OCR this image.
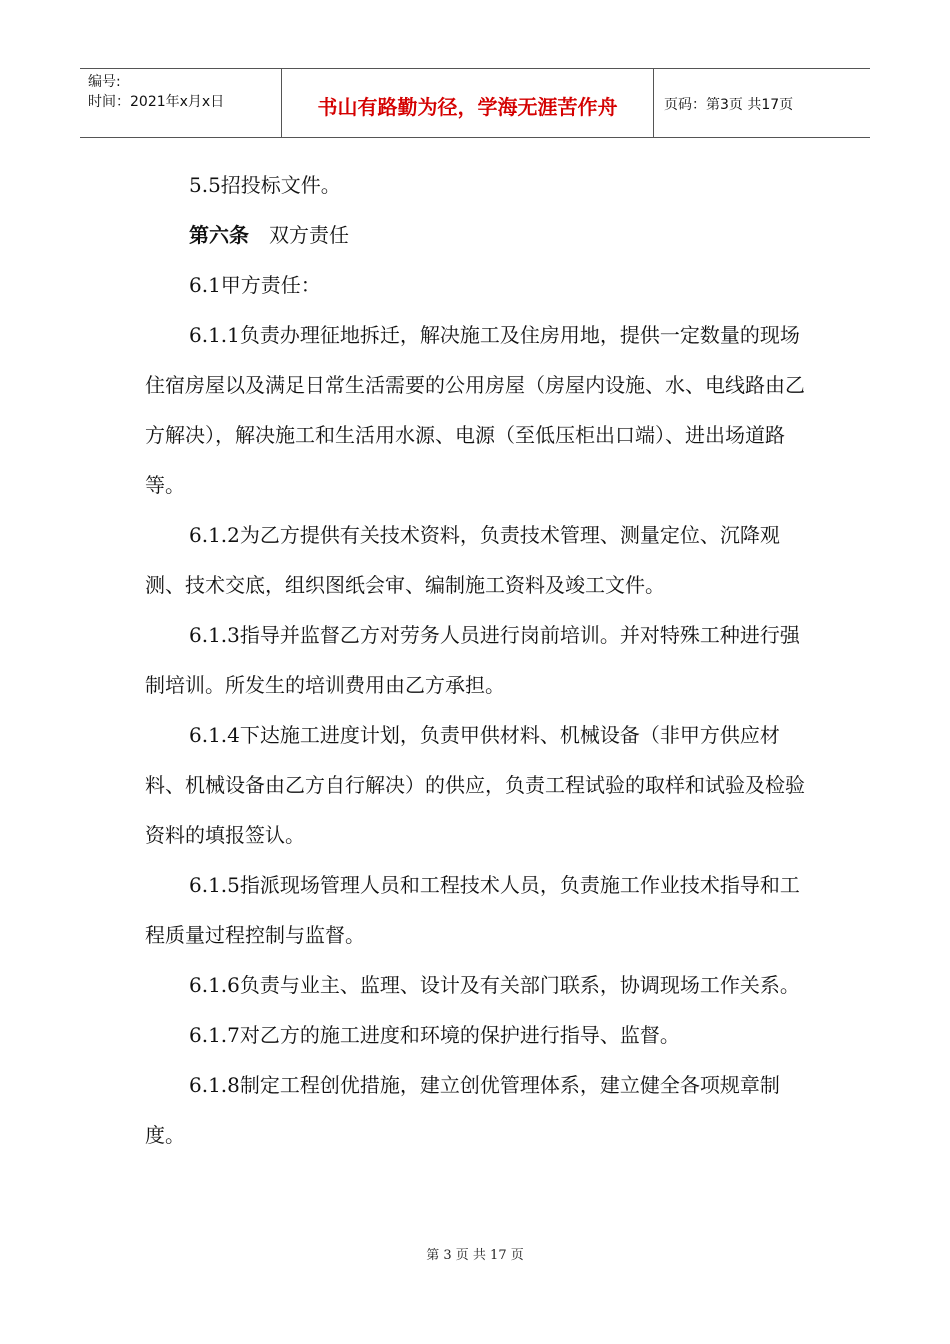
编号:
时间：2021年x月x日	书山有路勤为径，学海无涯苦作舟	页码：第3页 共17页

5.5招投标文件。

第六条 双方责任

6.1甲方责任：

6.1.1负责办理征地拆迁，解决施工及住房用地，提供一定数量的现场住宿房屋以及满足日常生活需要的公用房屋（房屋内设施、水、电线路由乙方解决），解决施工和生活用水源、电源（至低压柜出口端）、进出场道路等。

6.1.2为乙方提供有关技术资料，负责技术管理、测量定位、沉降观测、技术交底，组织图纸会审、编制施工资料及竣工文件。

6.1.3指导并监督乙方对劳务人员进行岗前培训。并对特殊工种进行强制培训。所发生的培训费用由乙方承担。

6.1.4下达施工进度计划，负责甲供材料、机械设备（非甲方供应材料、机械设备由乙方自行解决）的供应，负责工程试验的取样和试验及检验资料的填报签认。

6.1.5指派现场管理人员和工程技术人员，负责施工作业技术指导和工程质量过程控制与监督。

6.1.6负责与业主、监理、设计及有关部门联系，协调现场工作关系。

6.1.7对乙方的施工进度和环境的保护进行指导、监督。

6.1.8制定工程创优措施，建立创优管理体系，建立健全各项规章制度。

第 3 页 共 17 页
